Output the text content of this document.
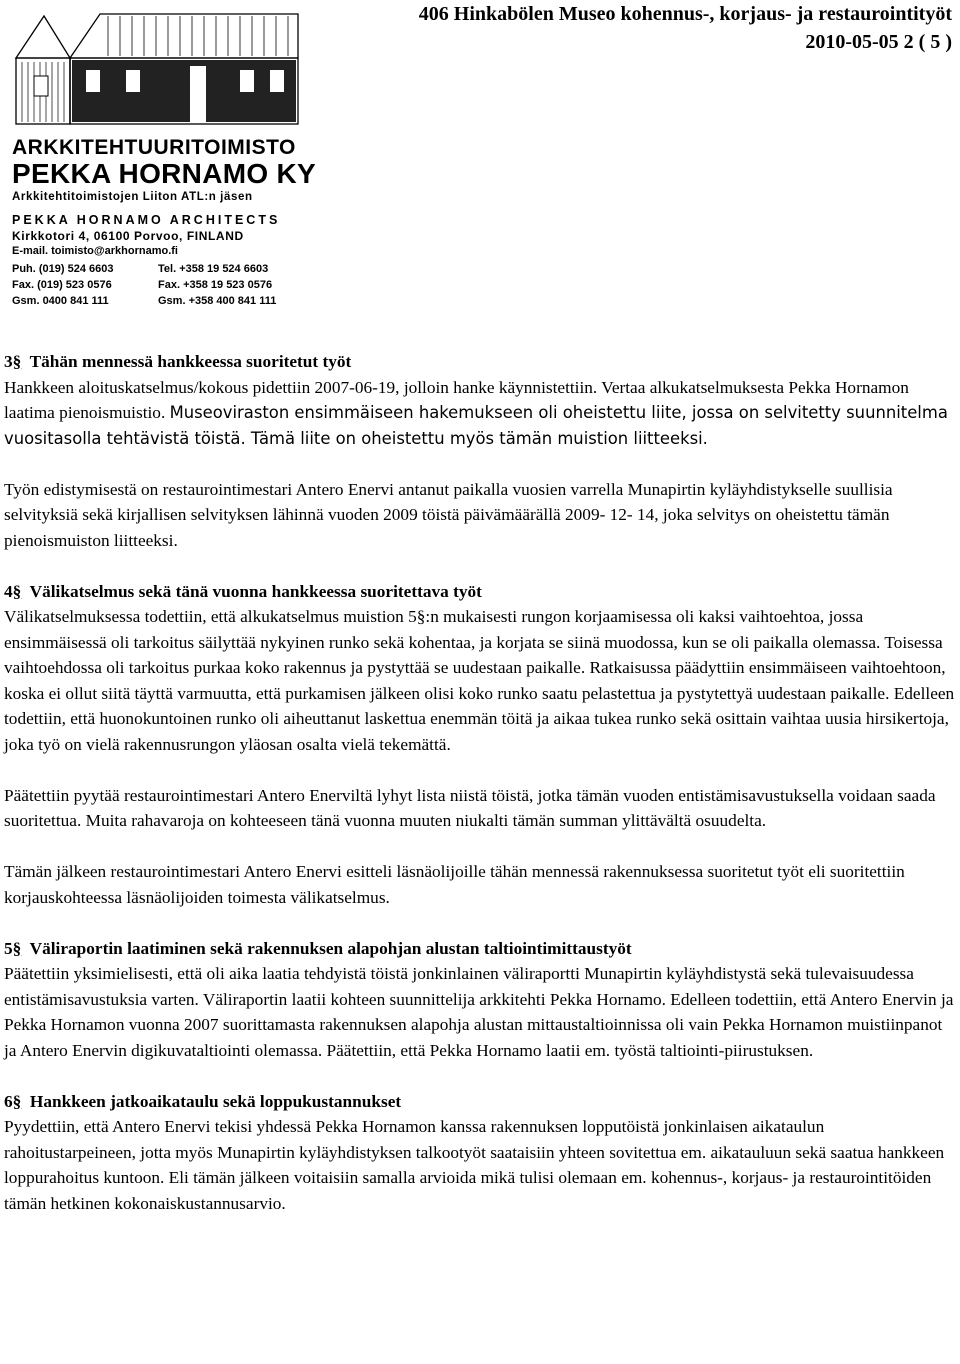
406 Hinkabölen Museo kohennus-, korjaus- ja restaurointityöt
2010-05-05 2 ( 5 )
ARKKITEHTUURITOIMISTO
PEKKA HORNAMO KY
Arkkitehtitoimistojen Liiton ATL:n jäsen
PEKKA HORNAMO ARCHITECTS
Kirkkotori 4, 06100 Porvoo, FINLAND
E-mail. toimisto@arkhornamo.fi
Puh. (019) 524 6603
Fax. (019) 523 0576
Gsm. 0400 841 111
Tel. +358 19 524 6603
Fax. +358 19 523 0576
Gsm. +358 400 841 111

3§ Tähän mennessä hankkeessa suoritetut työt

Hankkeen aloituskatselmus/kokous pidettiin 2007-06-19, jolloin hanke käynnistettiin. Vertaa alkukatselmuksesta Pekka Hornamon laatima pienoismuistio. Museoviraston ensimmäiseen hakemukseen oli oheistettu liite, jossa on selvitetty suunnitelma vuositasolla tehtävistä töistä. Tämä liite on oheistettu myös tämän muistion liitteeksi.

Työn edistymisestä on restaurointimestari Antero Enervi antanut paikalla vuosien varrella Munapirtin kyläyhdistykselle suullisia selvityksiä sekä kirjallisen selvityksen lähinnä vuoden 2009 töistä päivämäärällä 2009- 12- 14, joka selvitys on oheistettu tämän pienoismuiston liitteeksi.

4§ Välikatselmus sekä tänä vuonna hankkeessa suoritettava työt

Välikatselmuksessa todettiin, että alkukatselmus muistion 5§:n mukaisesti rungon korjaamisessa oli kaksi vaihtoehtoa, jossa ensimmäisessä oli tarkoitus säilyttää nykyinen runko sekä kohentaa, ja korjata se siinä muodossa, kun se oli paikalla olemassa. Toisessa vaihtoehdossa oli tarkoitus purkaa koko rakennus ja pystyttää se uudestaan paikalle. Ratkaisussa päädyttiin ensimmäiseen vaihtoehtoon, koska ei ollut siitä täyttä varmuutta, että purkamisen jälkeen olisi koko runko saatu pelastettua ja pystytettyä uudestaan paikalle. Edelleen todettiin, että huonokuntoinen runko oli aiheuttanut laskettua enemmän töitä ja aikaa tukea runko sekä osittain vaihtaa uusia hirsikertoja, joka työ on vielä rakennusrungon yläosan osalta vielä tekemättä.

Päätettiin pyytää restaurointimestari Antero Enerviltä lyhyt lista niistä töistä, jotka tämän vuoden entistämisavustuksella voidaan saada suoritettua. Muita rahavaroja on kohteeseen tänä vuonna muuten niukalti tämän summan ylittävältä osuudelta.

Tämän jälkeen restaurointimestari Antero Enervi esitteli läsnäolijoille tähän mennessä rakennuksessa suoritetut työt eli suoritettiin korjauskohteessa läsnäolijoiden toimesta välikatselmus.

5§ Väliraportin laatiminen sekä rakennuksen alapohjan alustan taltiointimittaustyöt

Päätettiin yksimielisesti, että oli aika laatia tehdyistä töistä jonkinlainen väliraportti Munapirtin kyläyhdistystä sekä tulevaisuudessa entistämisavustuksia varten. Väliraportin laatii kohteen suunnittelija arkkitehti Pekka Hornamo. Edelleen todettiin, että Antero Enervin ja Pekka Hornamon vuonna 2007 suorittamasta rakennuksen alapohja alustan mittaustaltioinnissa oli vain Pekka Hornamon muistiinpanot ja Antero Enervin digikuvataltiointi olemassa. Päätettiin, että Pekka Hornamo laatii em. työstä taltiointi-piirustuksen.

6§ Hankkeen jatkoaikataulu sekä loppukustannukset

Pyydettiin, että Antero Enervi tekisi yhdessä Pekka Hornamon kanssa rakennuksen lopputöistä jonkinlaisen aikataulun rahoitustarpeineen, jotta myös Munapirtin kyläyhdistyksen talkootyöt saataisiin yhteen sovitettua em. aikatauluun sekä saatua hankkeen loppurahoitus kuntoon. Eli tämän jälkeen voitaisiin samalla arvioida mikä tulisi olemaan em. kohennus-, korjaus- ja restaurointitöiden tämän hetkinen kokonaiskustannusarvio.
